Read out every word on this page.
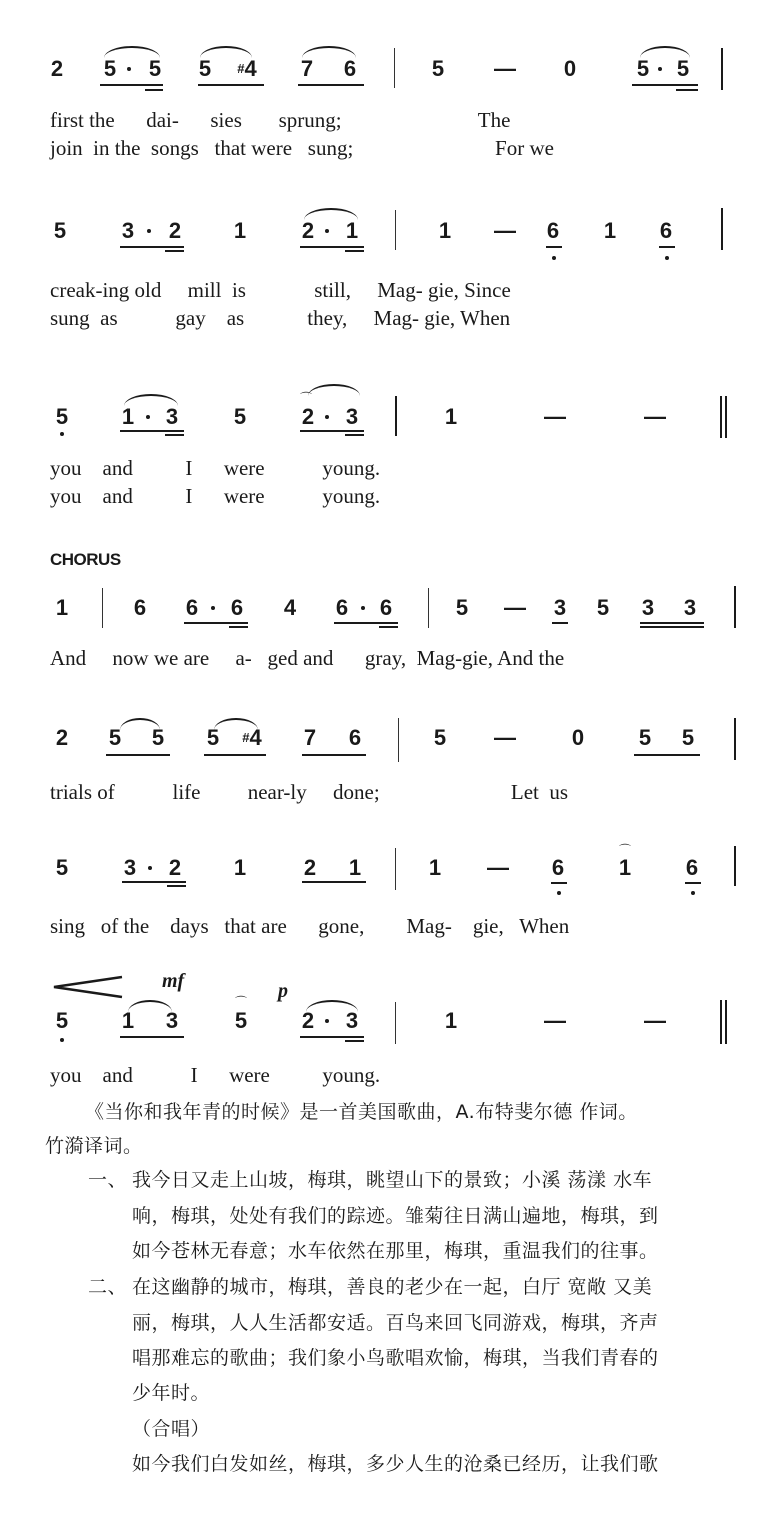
2 5 5 5 #4 7 6	5 — 0	5 5
first the      dai-      sies       sprung;                          The
join  in the  songs   that were   sung;                           For we
5	3 2 1	2 1	1 — 6 1 6
creak-ing old     mill  is             still,     Mag- gie, Since
sung  as           gay    as            they,     Mag- gie, When
5 1 3	5
⌒
2 3	1	—	—
you    and          I      were           young.
you    and          I      were           young.
CHORUS
1	6 6 6 4 6 6	5 — 3 5 3 3
And     now we are     a-   ged and      gray,  Mag-gie, And the
2 5 5 5 #4 7 6	5 —	0 5 5
trials of           life         near-ly     done;                         Let  us
5	3 2 1	2 1	1 — 6
⌒
1 6
sing   of the    days   that are      gone,        Mag-    gie,   When
mf	p
5 1 3
⌒
5 2 3	1	—	—
you    and           I      were          young.
《当你和我年青的时候》是一首美国歌曲，A.布特斐尔德 作词。
竹漪译词。
一、 我今日又走上山坡，梅琪，眺望山下的景致；小溪 荡漾 水车
响，梅琪，处处有我们的踪迹。雏菊往日满山遍地，梅琪，到
如今苍林无春意；水车依然在那里，梅琪，重温我们的往事。
二、 在这幽静的城市，梅琪，善良的老少在一起，白厅 宽敞 又美
丽，梅琪，人人生活都安适。百鸟来回飞同游戏，梅琪，齐声
唱那难忘的歌曲；我们象小鸟歌唱欢愉，梅琪，当我们青春的
少年时。
（合唱）
如今我们白发如丝，梅琪，多少人生的沧桑已经历，让我们歌
